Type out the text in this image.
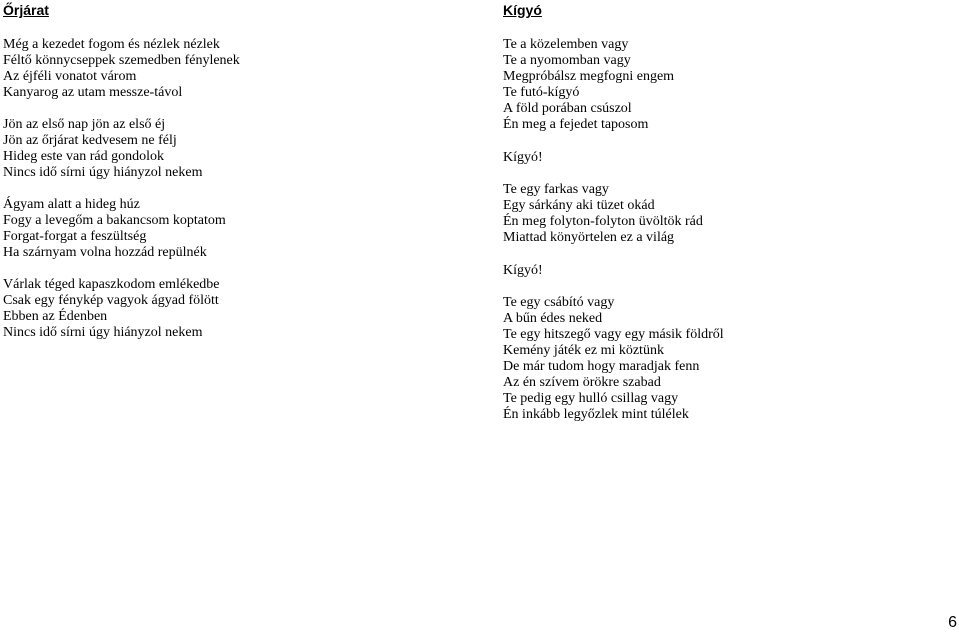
Őrjárat
Még a kezedet fogom és nézlek nézlek
Féltő könnycseppek szemedben fénylenek
Az éjféli vonatot várom
Kanyarog az utam messze-távol
Jön az első nap jön az első éj
Jön az őrjárat kedvesem ne félj
Hideg este van rád gondolok
Nincs idő sírni úgy hiányzol nekem
Ágyam alatt a hideg húz
Fogy a levegőm a bakancsom koptatom
Forgat-forgat a feszültség
Ha szárnyam volna hozzád repülnék
Várlak téged kapaszkodom emlékedbe
Csak egy fénykép vagyok ágyad fölött
Ebben az Édenben
Nincs idő sírni úgy hiányzol nekem
Kígyó
Te a közelemben vagy
Te a nyomomban vagy
Megpróbálsz megfogni engem
Te futó-kígyó
A föld porában csúszol
Én meg a fejedet taposom
Kígyó!
Te egy farkas vagy
Egy sárkány aki tüzet okád
Én meg folyton-folyton üvöltök rád
Miattad könyörtelen ez a világ
Kígyó!
Te egy csábító vagy
A bűn édes neked
Te egy hitszegő vagy egy másik földről
Kemény játék ez mi köztünk
De már tudom hogy maradjak fenn
Az én szívem örökre szabad
Te pedig egy hulló csillag vagy
Én inkább legyőzlek mint túlélek
6
